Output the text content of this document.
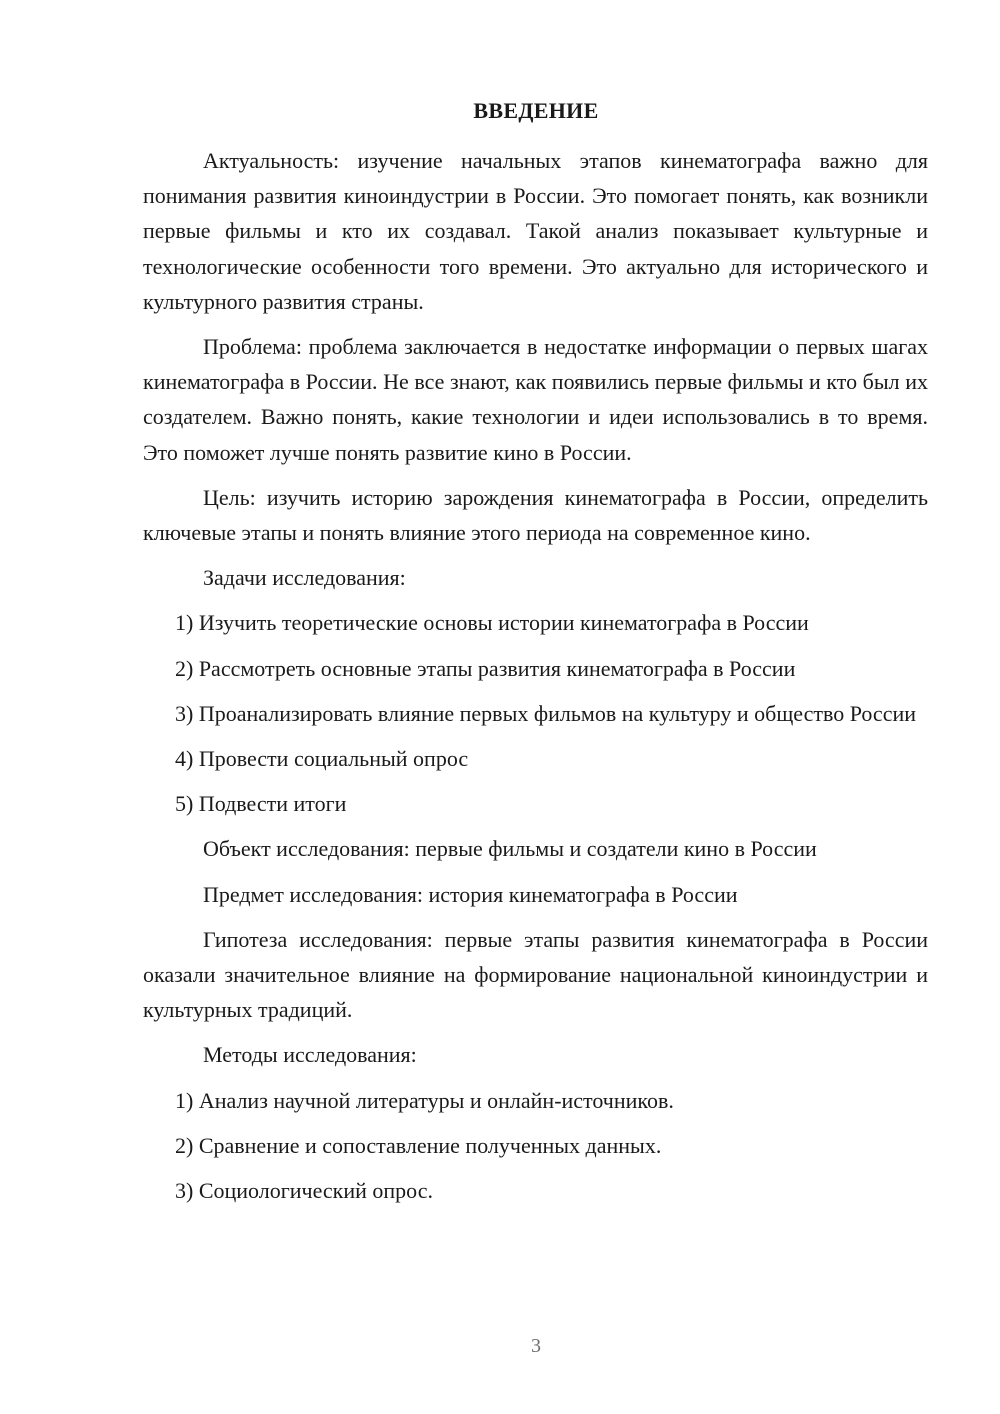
ВВЕДЕНИЕ

Актуальность: изучение начальных этапов кинематографа важно для понимания развития киноиндустрии в России. Это помогает понять, как возникли первые фильмы и кто их создавал. Такой анализ показывает культурные и технологические особенности того времени. Это актуально для исторического и культурного развития страны.

Проблема: проблема заключается в недостатке информации о первых шагах кинематографа в России. Не все знают, как появились первые фильмы и кто был их создателем. Важно понять, какие технологии и идеи использовались в то время. Это поможет лучше понять развитие кино в России.

Цель: изучить историю зарождения кинематографа в России, определить ключевые этапы и понять влияние этого периода на современное кино.

Задачи исследования:

1) Изучить теоретические основы истории кинематографа в России

2) Рассмотреть основные этапы развития кинематографа в России

3) Проанализировать влияние первых фильмов на культуру и общество России

4) Провести социальный опрос

5) Подвести итоги

Объект исследования: первые фильмы и создатели кино в России

Предмет исследования: история кинематографа в России

Гипотеза исследования: первые этапы развития кинематографа в России оказали значительное влияние на формирование национальной киноиндустрии и культурных традиций.

Методы исследования:

1) Анализ научной литературы и онлайн-источников.

2) Сравнение и сопоставление полученных данных.

3) Социологический опрос.

3
